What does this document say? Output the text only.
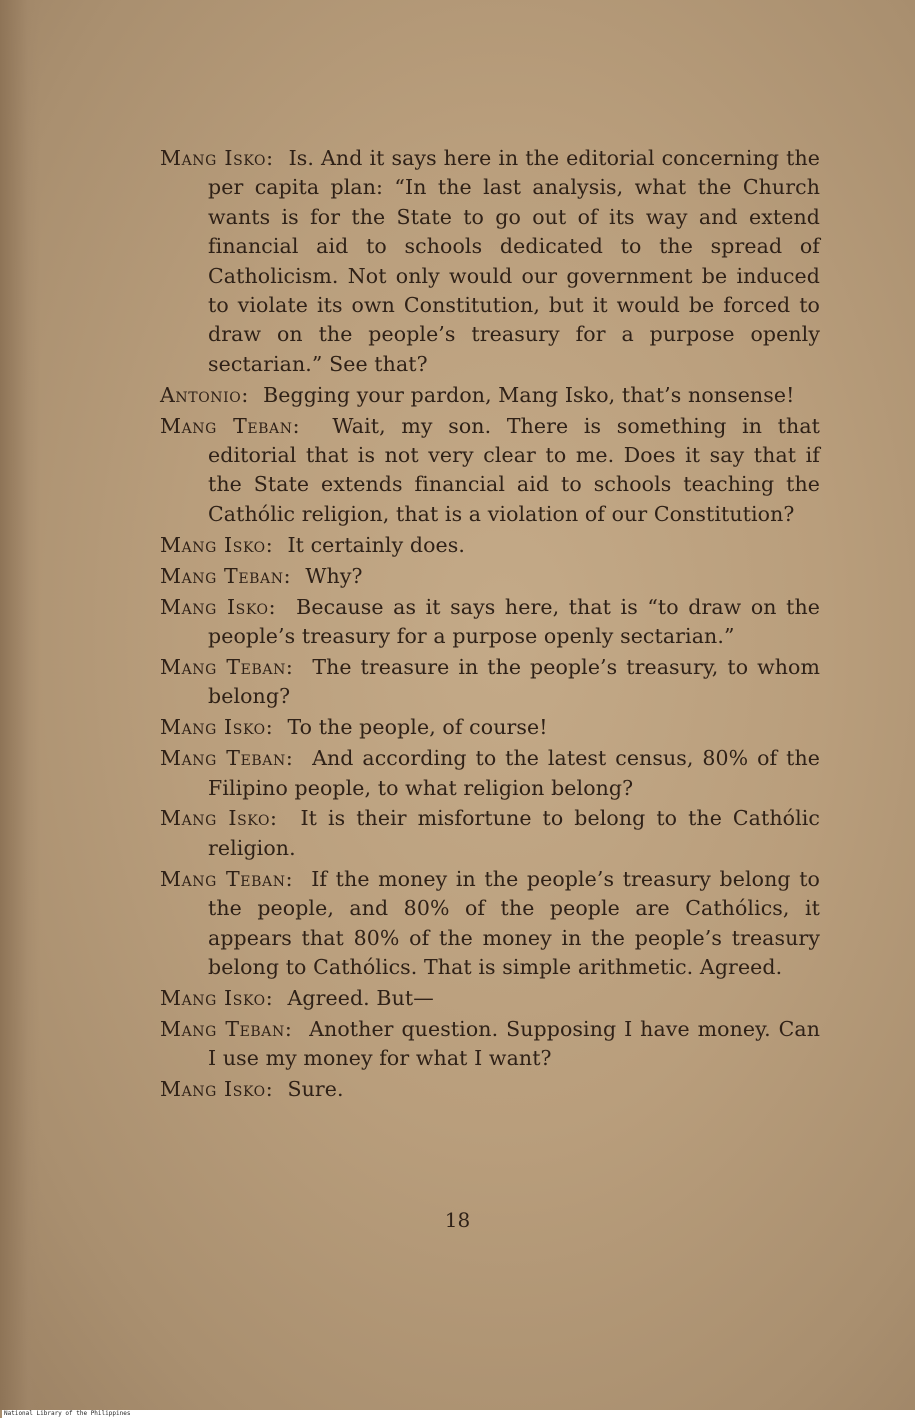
Mang Isko : Is. And it says here in the editorial concerning the per capita plan: “In the last analysis, what the Church wants is for the State to go out of its way and extend financial aid to schools dedicated to the spread of Catholicism. Not only would our government be induced to violate its own Constitution, but it would be forced to draw on the people’s treasury for a purpose openly sectarian.” See that?

Antonio : Begging your pardon, Mang Isko, that’s nonsense!

Mang Teban : Wait, my son. There is something in that editorial that is not very clear to me. Does it say that if the State extends financial aid to schools teaching the Cathólic religion, that is a violation of our Constitution?

Mang Isko : It certainly does.

Mang Teban : Why?

Mang Isko : Because as it says here, that is “to draw on the people’s treasury for a purpose openly sectarian.”

Mang Teban : The treasure in the people’s treasury, to whom belong?

Mang Isko : To the people, of course!

Mang Teban : And according to the latest census, 80% of the Filipino people, to what religion belong?

Mang Isko : It is their misfortune to belong to the Cathólic religion.

Mang Teban : If the money in the people’s treasury belong to the people, and 80% of the people are Cathólics, it appears that 80% of the money in the people’s treasury belong to Cathólics. That is simple arithmetic. Agreed.

Mang Isko : Agreed. But—

Mang Teban : Another question. Supposing I have money. Can I use my money for what I want?

Mang Isko : Sure.

18
National Library of the Philippines
